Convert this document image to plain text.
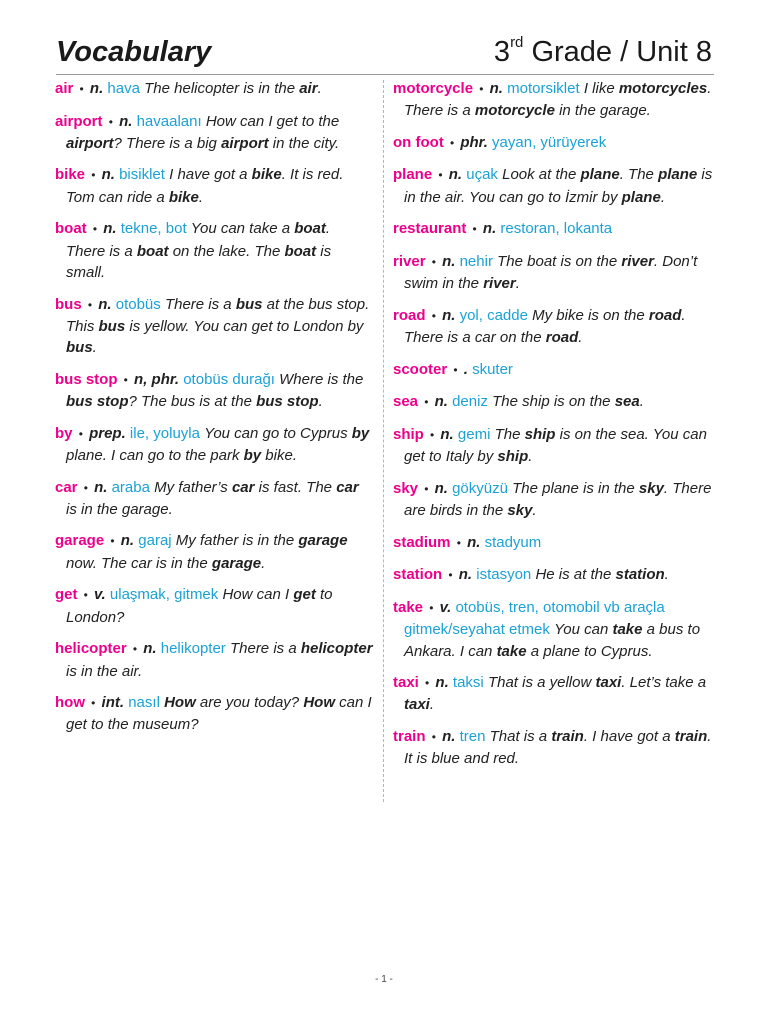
Vocabulary	3rd Grade / Unit 8
air • n. hava The helicopter is in the air.
airport • n. havaalanı How can I get to the airport? There is a big airport in the city.
bike • n. bisiklet I have got a bike. It is red. Tom can ride a bike.
boat • n. tekne, bot You can take a boat. There is a boat on the lake. The boat is small.
bus • n. otobüs There is a bus at the bus stop. This bus is yellow. You can get to London by bus.
bus stop • n, phr. otobüs durağı Where is the bus stop? The bus is at the bus stop.
by • prep. ile, yoluyla You can go to Cyprus by plane. I can go to the park by bike.
car • n. araba My father’s car is fast. The car is in the garage.
garage • n. garaj My father is in the garage now. The car is in the garage.
get • v. ulaşmak, gitmek How can I get to London?
helicopter • n. helikopter There is a helicopter is in the air.
how • int. nasıl How are you today? How can I get to the museum?
motorcycle • n. motorsiklet I like motorcycles. There is a motorcycle in the garage.
on foot • phr. yayan, yürüyerek
plane • n. uçak Look at the plane. The plane is in the air. You can go to İzmir by plane.
restaurant • n. restoran, lokanta
river • n. nehir The boat is on the river. Don’t swim in the river.
road • n. yol, cadde My bike is on the road. There is a car on the road.
scooter • . skuter
sea • n. deniz The ship is on the sea.
ship • n. gemi The ship is on the sea. You can get to Italy by ship.
sky • n. gökyüzü The plane is in the sky. There are birds in the sky.
stadium • n. stadyum
station • n. istasyon He is at the station.
take • v. otobüs, tren, otomobil vb araçla gitmek/seyahat etmek You can take a bus to Ankara. I can take a plane to Cyprus.
taxi • n. taksi That is a yellow taxi. Let’s take a taxi.
train • n. tren That is a train. I have got a train. It is blue and red.
- 1 -
